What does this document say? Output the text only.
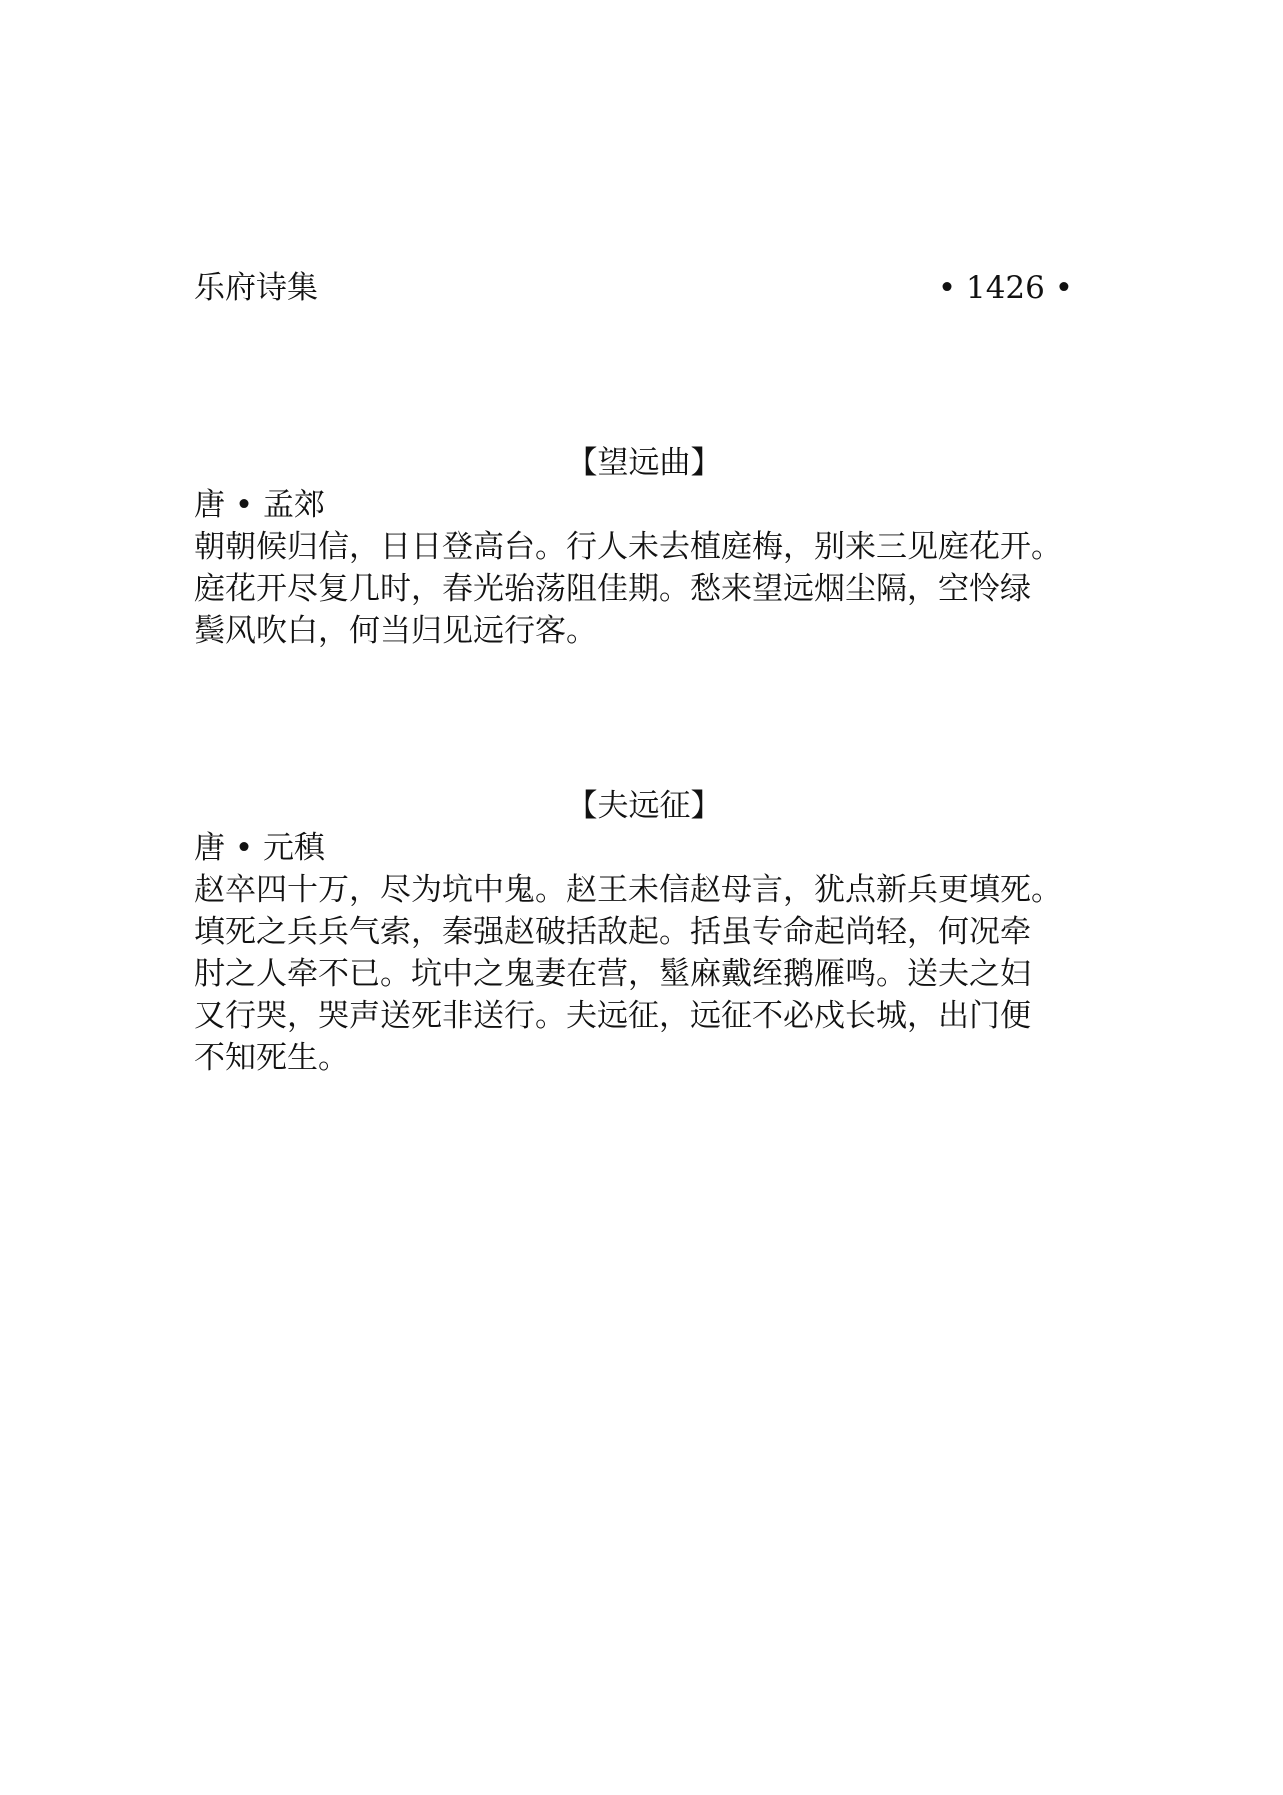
乐府诗集	• 1426 •
【望远曲】
唐 • 孟郊
朝朝候归信，日日登高台。行人未去植庭梅，别来三见庭花开。
庭花开尽复几时，春光骀荡阻佳期。愁来望远烟尘隔，空怜绿
鬓风吹白，何当归见远行客。
【夫远征】
唐 • 元稹
赵卒四十万，尽为坑中鬼。赵王未信赵母言，犹点新兵更填死。
填死之兵兵气索，秦强赵破括敌起。括虽专命起尚轻，何况牵
肘之人牵不已。坑中之鬼妻在营，髽麻戴绖鹅雁鸣。送夫之妇
又行哭，哭声送死非送行。夫远征，远征不必戍长城，出门便
不知死生。
